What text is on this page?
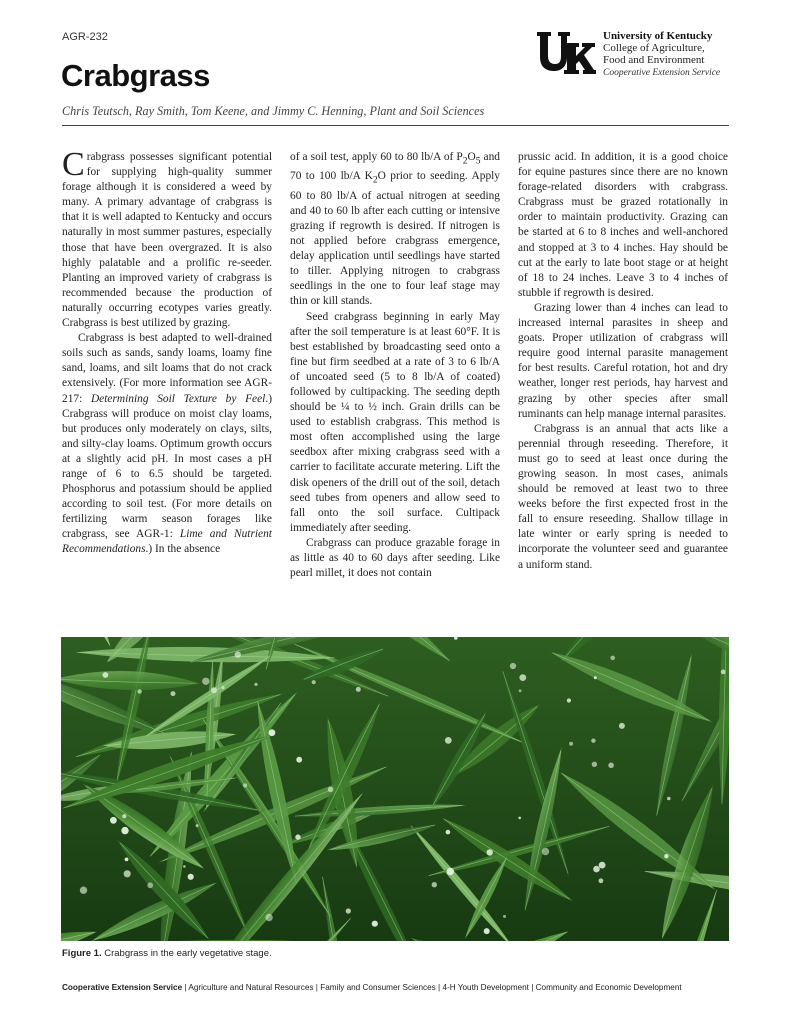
AGR-232
Crabgrass
Chris Teutsch, Ray Smith, Tom Keene, and Jimmy C. Henning, Plant and Soil Sciences
University of Kentucky
College of Agriculture,
Food and Environment
Cooperative Extension Service

Crabgrass possesses significant potential for supplying high-quality summer forage although it is considered a weed by many. A primary advantage of crabgrass is that it is well adapted to Kentucky and occurs naturally in most summer pastures, especially those that have been overgrazed. It is also highly palatable and a prolific re-seeder. Planting an improved variety of crabgrass is recommended because the production of naturally occurring ecotypes varies greatly. Crabgrass is best utilized by grazing.

Crabgrass is best adapted to well-drained soils such as sands, sandy loams, loamy fine sand, loams, and silt loams that do not crack extensively. (For more information see AGR-217: Determining Soil Texture by Feel.) Crabgrass will produce on moist clay loams, but produces only moderately on clays, silts, and silty-clay loams. Optimum growth occurs at a slightly acid pH. In most cases a pH range of 6 to 6.5 should be targeted. Phosphorus and potassium should be applied according to soil test. (For more details on fertilizing warm season forages like crabgrass, see AGR-1: Lime and Nutrient Recommendations.) In the absence

of a soil test, apply 60 to 80 lb/A of $P_2O_5$ and 70 to 100 lb/A $K_2O$ prior to seeding. Apply 60 to 80 lb/A of actual nitrogen at seeding and 40 to 60 lb after each cutting or intensive grazing if regrowth is desired. If nitrogen is not applied before crabgrass emergence, delay application until seedlings have started to tiller. Applying nitrogen to crabgrass seedlings in the one to four leaf stage may thin or kill stands.

Seed crabgrass beginning in early May after the soil temperature is at least 60°F. It is best established by broadcasting seed onto a fine but firm seedbed at a rate of 3 to 6 lb/A of uncoated seed (5 to 8 lb/A of coated) followed by cultipacking. The seeding depth should be ¼ to ½ inch. Grain drills can be used to establish crabgrass. This method is most often accomplished using the large seedbox after mixing crabgrass seed with a carrier to facilitate accurate metering. Lift the disk openers of the drill out of the soil, detach seed tubes from openers and allow seed to fall onto the soil surface. Cultipack immediately after seeding.

Crabgrass can produce grazable forage in as little as 40 to 60 days after seeding. Like pearl millet, it does not contain

prussic acid. In addition, it is a good choice for equine pastures since there are no known forage-related disorders with crabgrass. Crabgrass must be grazed rotationally in order to maintain productivity. Grazing can be started at 6 to 8 inches and well-anchored and stopped at 3 to 4 inches. Hay should be cut at the early to late boot stage or at height of 18 to 24 inches. Leave 3 to 4 inches of stubble if regrowth is desired.

Grazing lower than 4 inches can lead to increased internal parasites in sheep and goats. Proper utilization of crabgrass will require good internal parasite management for best results. Careful rotation, hot and dry weather, longer rest periods, hay harvest and grazing by other species after small ruminants can help manage internal parasites.

Crabgrass is an annual that acts like a perennial through reseeding. Therefore, it must go to seed at least once during the growing season. In most cases, animals should be removed at least two to three weeks before the first expected frost in the fall to ensure reseeding. Shallow tillage in late winter or early spring is needed to incorporate the volunteer seed and guarantee a uniform stand.

Figure 1. Crabgrass in the early vegetative stage.
Cooperative Extension Service | Agriculture and Natural Resources | Family and Consumer Sciences | 4-H Youth Development | Community and Economic Development
